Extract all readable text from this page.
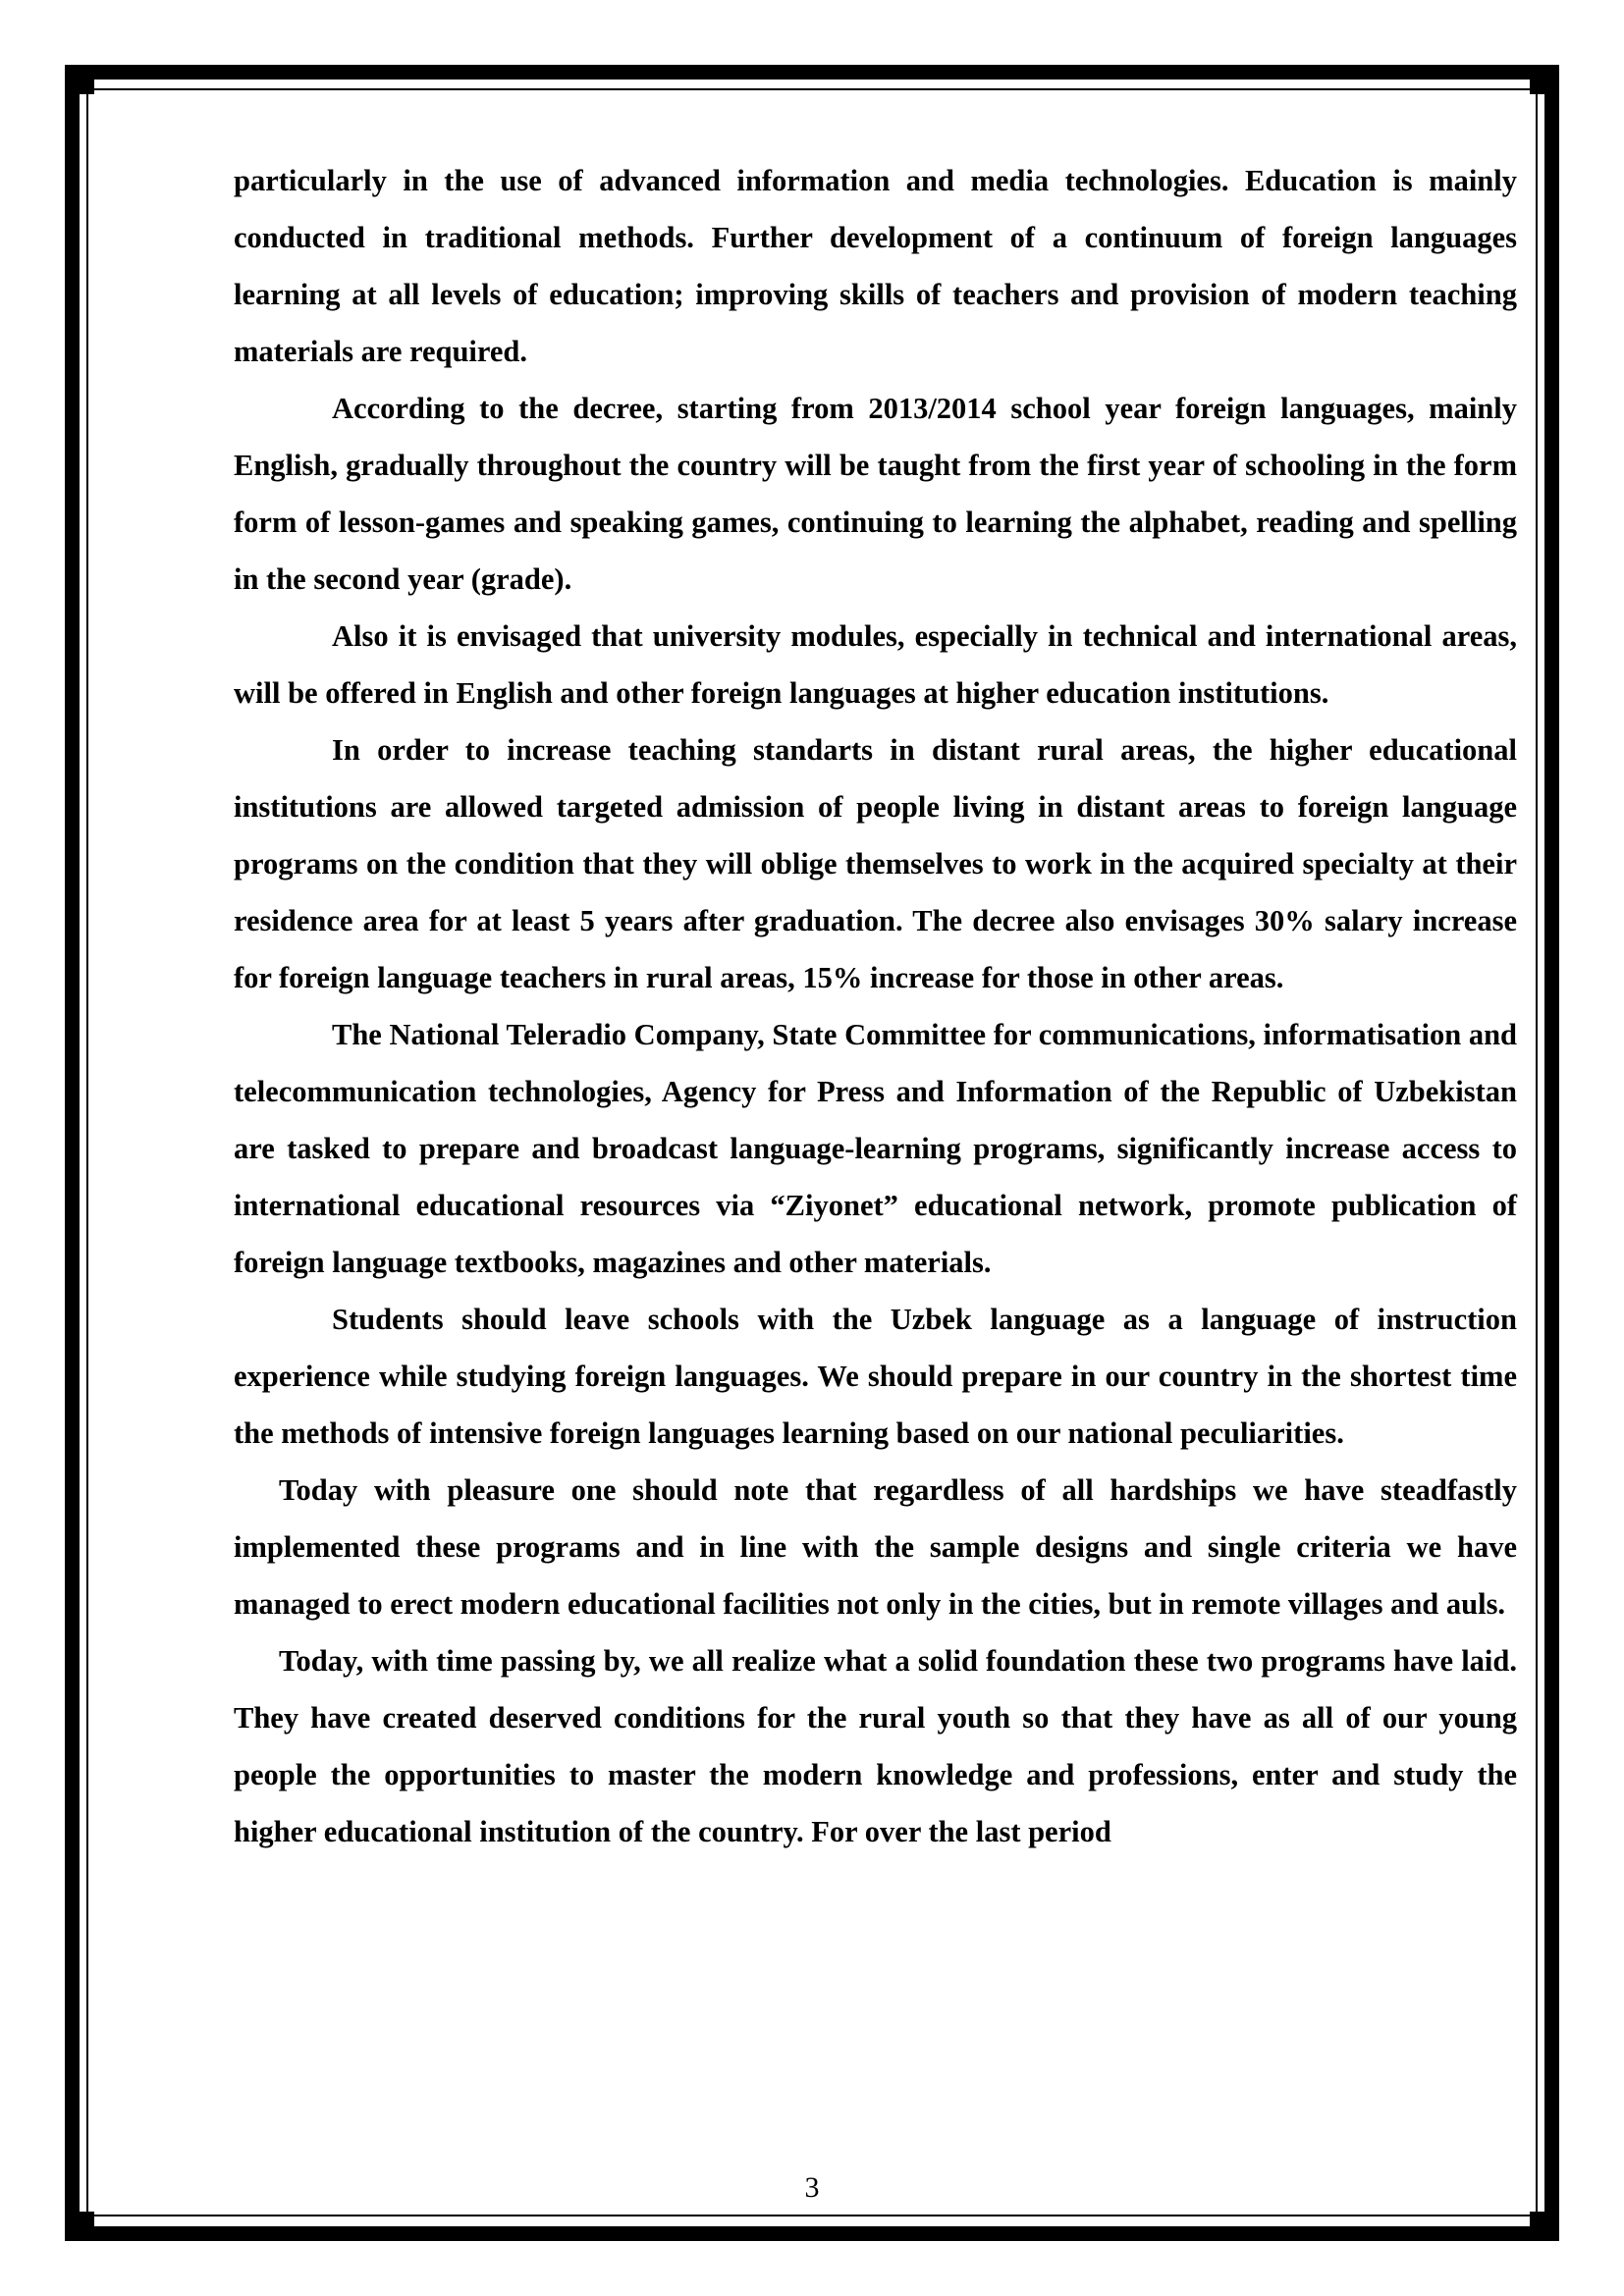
particularly in the use of advanced information and media technologies. Education is mainly conducted in traditional methods. Further development of a continuum of foreign languages learning at all levels of education; improving skills of teachers and provision of modern teaching materials are required.

According to the decree, starting from 2013/2014 school year foreign languages, mainly English, gradually throughout the country will be taught from the first year of schooling in the form form of lesson-games and speaking games, continuing to learning the alphabet, reading and spelling in the second year (grade).

Also it is envisaged that university modules, especially in technical and international areas, will be offered in English and other foreign languages at higher education institutions.

In order to increase teaching standarts in distant rural areas, the higher educational institutions are allowed targeted admission of people living in distant areas to foreign language programs on the condition that they will oblige themselves to work in the acquired specialty at their residence area for at least 5 years after graduation. The decree also envisages 30% salary increase for foreign language teachers in rural areas, 15% increase for those in other areas.

The National Teleradio Company, State Committee for communications, informatisation and telecommunication technologies, Agency for Press and Information of the Republic of Uzbekistan are tasked to prepare and broadcast language-learning programs, significantly increase access to international educational resources via “Ziyonet” educational network, promote publication of foreign language textbooks, magazines and other materials.

Students should leave schools with the Uzbek language as a language of instruction experience while studying foreign languages. We should prepare in our country in the shortest time the methods of intensive foreign languages learning based on our national peculiarities.

Today with pleasure one should note that regardless of all hardships we have steadfastly implemented these programs and in line with the sample designs and single criteria we have managed to erect modern educational facilities not only in the cities, but in remote villages and auls.

Today, with time passing by, we all realize what a solid foundation these two programs have laid. They have created deserved conditions for the rural youth so that they have as all of our young people the opportunities to master the modern knowledge and professions, enter and study the higher educational institution of the country. For over the last period

3
